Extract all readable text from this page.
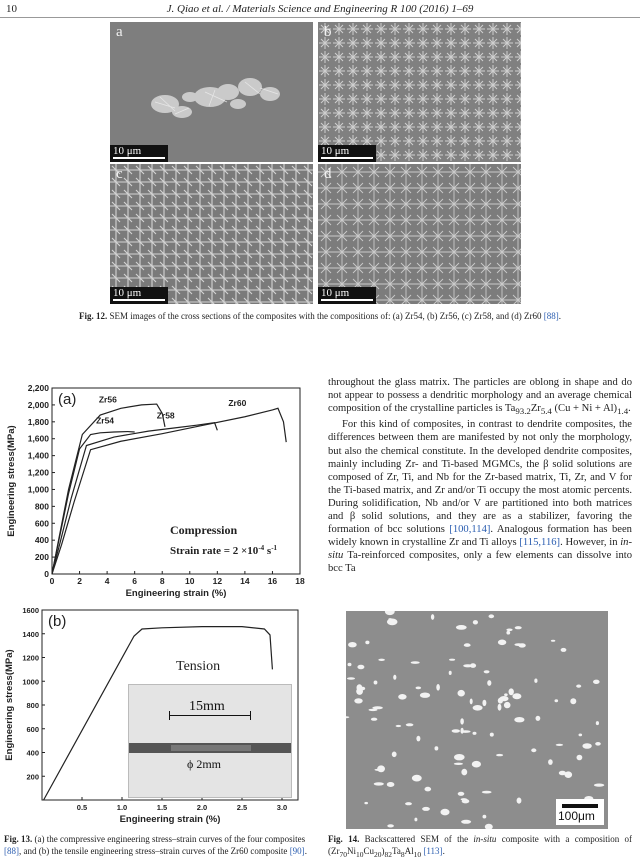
10	J. Qiao et al. / Materials Science and Engineering R 100 (2016) 1–69
a
10 μm
b
10 μm
c
10 μm
d
10 μm
Fig. 12. SEM images of the cross sections of the composites with the compositions of: (a) Zr54, (b) Zr56, (c) Zr58, and (d) Zr60 [88].
0
200
400
600
800
1,000
1,200
1,400
1,600
1,800
2,000
2,200
0	2	4	6	8 10 12 14 16 18
Engineering strain (%)
Engineering stress(MPa)
(a)
Zr54
Zr56
Zr58
Zr60
Compression
Strain rate = $2 \times 10^{-4}$ $s^{-1}$
200
400
600
800
1000
1200
1400
1600
0.5	1.0	1.5	2.0	2.5	3.0
Engineering strain (%)
Engineering stress(MPa)
(b)
Tension
15mm
ϕ 2mm
Fig. 13. (a) the compressive engineering stress–strain curves of the four composites [88], and (b) the tensile engineering stress–strain curves of the Zr60 composite [90].

throughout the glass matrix. The particles are oblong in shape and do not appear to possess a dendritic morphology and an average chemical composition of the crystalline particles is $Ta_{93.2}Zr_{5.4}$ $(Cu + Ni + Al)_{1.4}$.

For this kind of composites, in contrast to dendrite composites, the differences between them are manifested by not only the morphology, but also the chemical constitute. In the developed dendrite composites, mainly including Zr- and Ti-based MGMCs, the β solid solutions are composed of Zr, Ti, and Nb for the Zr-based matrix, Ti, Zr, and V for the Ti-based matrix, and Zr and/or Ti occupy the most atomic percents. During solidification, Nb and/or V are partitioned into both matrices and β solid solutions, and they are as a stabilizer, favoring the formation of bcc solutions [100,114]. Analogous formation has been widely known in crystalline Zr and Ti alloys [115,116]. However, in in-situ Ta-reinforced composites, only a few elements can dissolve into bcc Ta

100μm
Fig. 14. Backscattered SEM of the in-situ composite with a composition of $(Zr_{70}Ni_{10}Cu_{20})_{82}Ta_8Al_{10}$ [113].
